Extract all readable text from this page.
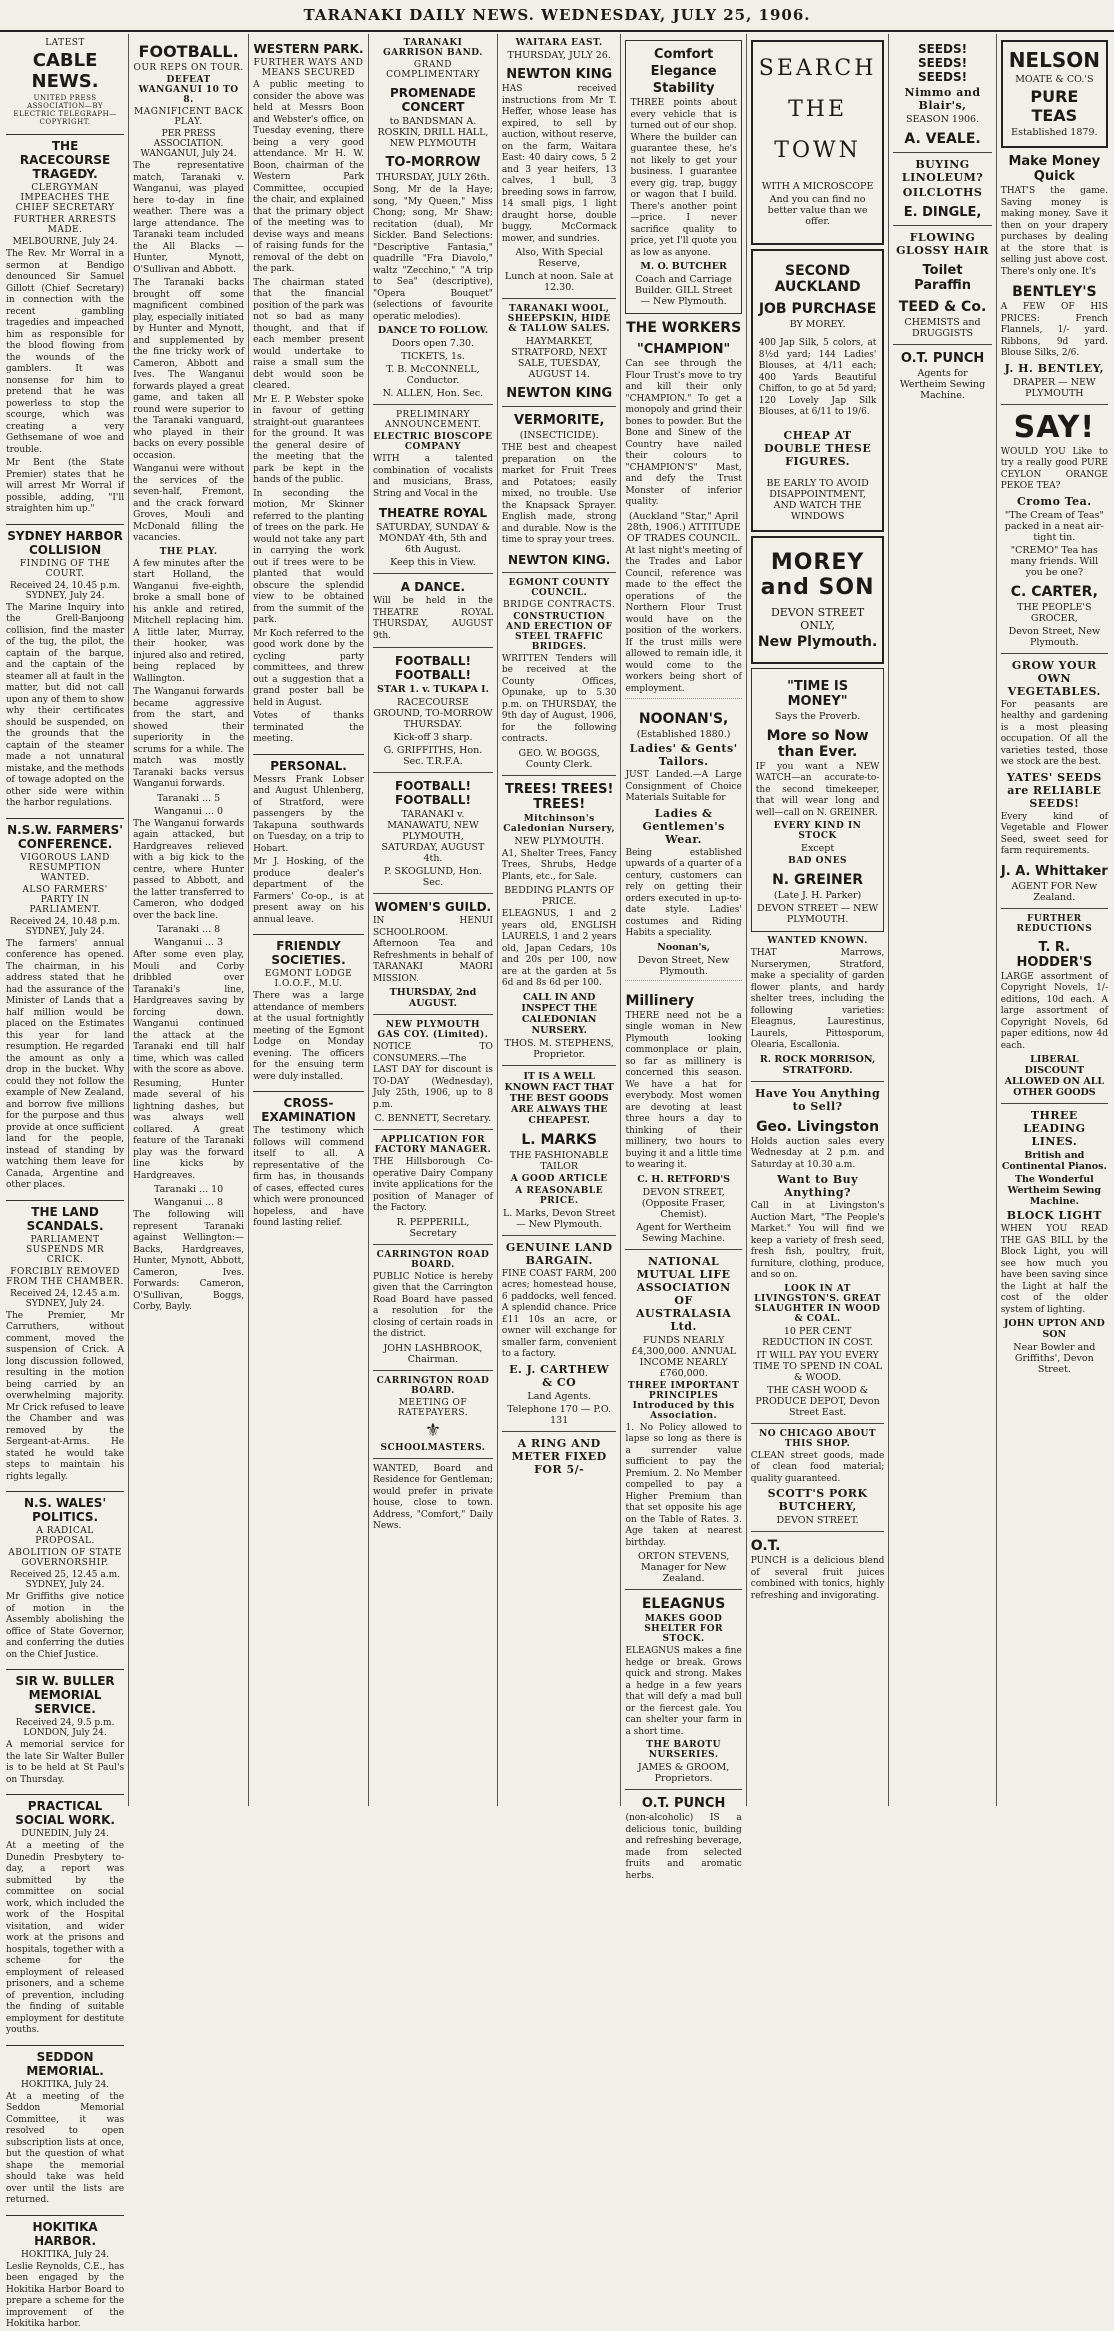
TARANAKI DAILY NEWS. WEDNESDAY, JULY 25, 1906.
LATEST
CABLE NEWS.
UNITED PRESS ASSOCIATION—BY ELECTRIC TELEGRAPH—COPYRIGHT.
THE RACECOURSE TRAGEDY.
CLERGYMAN IMPEACHES THE CHIEF SECRETARY
FURTHER ARRESTS MADE.
MELBOURNE, July 24.
The Rev. Mr Worral in a sermon at Bendigo denounced Sir Samuel Gillott (Chief Secretary) in connection with the recent gambling tragedies and impeached him as responsible for the blood flowing from the wounds of the gamblers. It was nonsense for him to pretend that he was powerless to stop the scourge, which was creating a very Gethsemane of woe and trouble.
Mr Bent (the State Premier) states that he will arrest Mr Worral if possible, adding, "I'll straighten him up."
SYDNEY HARBOR COLLISION
FINDING OF THE COURT.
Received 24, 10.45 p.m. SYDNEY, July 24.
The Marine Inquiry into the Grell-Banjoong collision, find the master of the tug, the pilot, the captain of the barque, and the captain of the steamer all at fault in the matter, but did not call upon any of them to show why their certificates should be suspended, on the grounds that the captain of the steamer made a not unnatural mistake, and the methods of towage adopted on the other side were within the harbor regulations.
N.S.W. FARMERS' CONFERENCE.
VIGOROUS LAND RESUMPTION WANTED.
ALSO FARMERS' PARTY IN PARLIAMENT.
Received 24, 10.48 p.m. SYDNEY, July 24.
The farmers' annual conference has opened. The chairman, in his address stated that he had the assurance of the Minister of Lands that a half million would be placed on the Estimates this year for land resumption. He regarded the amount as only a drop in the bucket. Why could they not follow the example of New Zealand, and borrow five millions for the purpose and thus provide at once sufficient land for the people, instead of standing by watching them leave for Canada, Argentine and other places.
THE LAND SCANDALS.
PARLIAMENT SUSPENDS MR CRICK.
FORCIBLY REMOVED FROM THE CHAMBER.
Received 24, 12.45 a.m. SYDNEY, July 24.
The Premier, Mr Carruthers, without comment, moved the suspension of Crick. A long discussion followed, resulting in the motion being carried by an overwhelming majority. Mr Crick refused to leave the Chamber and was removed by the Sergeant-at-Arms. He stated he would take steps to maintain his rights legally.
N.S. WALES' POLITICS.
A RADICAL PROPOSAL.
ABOLITION OF STATE GOVERNORSHIP.
Received 25, 12.45 a.m. SYDNEY, July 24.
Mr Griffiths give notice of motion in the Assembly abolishing the office of State Governor, and conferring the duties on the Chief Justice.
SIR W. BULLER MEMORIAL SERVICE.
Received 24, 9.5 p.m. LONDON, July 24.
A memorial service for the late Sir Walter Buller is to be held at St Paul's on Thursday.
PRACTICAL SOCIAL WORK.
DUNEDIN, July 24.
At a meeting of the Dunedin Presbytery to-day, a report was submitted by the committee on social work, which included the work of the Hospital visitation, and wider work at the prisons and hospitals, together with a scheme for the employment of released prisoners, and a scheme of prevention, including the finding of suitable employment for destitute youths.
SEDDON MEMORIAL.
HOKITIKA, July 24.
At a meeting of the Seddon Memorial Committee, it was resolved to open subscription lists at once, but the question of what shape the memorial should take was held over until the lists are returned.
HOKITIKA HARBOR.
HOKITIKA, July 24.
Leslie Reynolds, C.E., has been engaged by the Hokitika Harbor Board to prepare a scheme for the improvement of the Hokitika harbor.
FOOTBALL.
OUR REPS ON TOUR.
DEFEAT WANGANUI 10 TO 8.
MAGNIFICENT BACK PLAY.
PER PRESS ASSOCIATION. WANGANUI, July 24.
The representative match, Taranaki v. Wanganui, was played here to-day in fine weather. There was a large attendance. The Taranaki team included the All Blacks — Hunter, Mynott, O'Sullivan and Abbott.
The Taranaki backs brought off some magnificent combined play, especially initiated by Hunter and Mynott, and supplemented by the fine tricky work of Cameron, Abbott and Ives. The Wanganui forwards played a great game, and taken all round were superior to the Taranaki vanguard, who played in their backs on every possible occasion.
Wanganui were without the services of the seven-half, Fremont, and the crack forward Groves, Mouli and McDonald filling the vacancies.
THE PLAY.
A few minutes after the start Holland, the Wanganui five-eighth, broke a small bone of his ankle and retired, Mitchell replacing him. A little later, Murray, their hooker, was injured also and retired, being replaced by Wallington.
The Wanganui forwards became aggressive from the start, and showed their superiority in the scrums for a while. The match was mostly Taranaki backs versus Wanganui forwards.
Taranaki ... 5
Wanganui ... 0
The Wanganui forwards again attacked, but Hardgreaves relieved with a big kick to the centre, where Hunter passed to Abbott, and the latter transferred to Cameron, who dodged over the back line.
Taranaki ... 8
Wanganui ... 3
After some even play, Mouli and Corby dribbled over Taranaki's line, Hardgreaves saving by forcing down. Wanganui continued the attack at the Taranaki end till half time, which was called with the score as above.
Resuming, Hunter made several of his lightning dashes, but was always well collared. A great feature of the Taranaki play was the forward line kicks by Hardgreaves.
Taranaki ... 10
Wanganui ... 8
The following will represent Taranaki against Wellington:— Backs, Hardgreaves, Hunter, Mynott, Abbott, Cameron, Ives. Forwards: Cameron, O'Sullivan, Boggs, Corby, Bayly.
WESTERN PARK.
FURTHER WAYS AND MEANS SECURED
A public meeting to consider the above was held at Messrs Boon and Webster's office, on Tuesday evening, there being a very good attendance. Mr H. W. Boon, chairman of the Western Park Committee, occupied the chair, and explained that the primary object of the meeting was to devise ways and means of raising funds for the removal of the debt on the park.
The chairman stated that the financial position of the park was not so bad as many thought, and that if each member present would undertake to raise a small sum the debt would soon be cleared.
Mr E. P. Webster spoke in favour of getting straight-out guarantees for the ground. It was the general desire of the meeting that the park be kept in the hands of the public.
In seconding the motion, Mr Skinner referred to the planting of trees on the park. He would not take any part in carrying the work out if trees were to be planted that would obscure the splendid view to be obtained from the summit of the park.
Mr Koch referred to the good work done by the cycling party committees, and threw out a suggestion that a grand poster ball be held in August.
Votes of thanks terminated the meeting.
PERSONAL.
Messrs Frank Lobser and August Uhlenberg, of Stratford, were passengers by the Takapuna southwards on Tuesday, on a trip to Hobart.
Mr J. Hosking, of the produce dealer's department of the Farmers' Co-op., is at present away on his annual leave.
FRIENDLY SOCIETIES.
EGMONT LODGE I.O.O.F., M.U.
There was a large attendance of members at the usual fortnightly meeting of the Egmont Lodge on Monday evening. The officers for the ensuing term were duly installed.
CROSS-EXAMINATION
The testimony which follows will commend itself to all. A representative of the firm has, in thousands of cases, effected cures which were pronounced hopeless, and have found lasting relief.
TARANAKI GARRISON BAND.
GRAND COMPLIMENTARY
PROMENADE CONCERT
to BANDSMAN A. ROSKIN, DRILL HALL, NEW PLYMOUTH
TO-MORROW
THURSDAY, JULY 26th.
Song, Mr de la Haye; song, "My Queen," Miss Chong; song, Mr Shaw; recitation (dual), Mr Sickler. Band Selections: "Descriptive Fantasia," quadrille "Fra Diavolo," waltz "Zecchino," "A trip to Sea" (descriptive), "Opera Bouquet" (selections of favourite operatic melodies).
DANCE TO FOLLOW.
Doors open 7.30.
TICKETS, 1s.
T. B. McCONNELL, Conductor.
N. ALLEN, Hon. Sec.
PRELIMINARY ANNOUNCEMENT.
ELECTRIC BIOSCOPE COMPANY
WITH a talented combination of vocalists and musicians, Brass, String and Vocal in the
THEATRE ROYAL
SATURDAY, SUNDAY & MONDAY 4th, 5th and 6th August.
Keep this in View.
A DANCE.
Will be held in the THEATRE ROYAL THURSDAY, AUGUST 9th.
FOOTBALL! FOOTBALL!
STAR 1. v. TUKAPA I.
RACECOURSE GROUND, TO-MORROW THURSDAY.
Kick-off 3 sharp.
G. GRIFFITHS, Hon. Sec. T.R.F.A.
FOOTBALL! FOOTBALL!
TARANAKI v. MANAWATU, NEW PLYMOUTH, SATURDAY, AUGUST 4th.
P. SKOGLUND, Hon. Sec.
WOMEN'S GUILD.
IN HENUI SCHOOLROOM. Afternoon Tea and Refreshments in behalf of TARANAKI MAORI MISSION.
THURSDAY, 2nd AUGUST.
NEW PLYMOUTH GAS COY. (Limited).
NOTICE TO CONSUMERS.—The LAST DAY for discount is TO-DAY (Wednesday), July 25th, 1906, up to 8 p.m.
C. BENNETT, Secretary.
APPLICATION FOR FACTORY MANAGER.
THE Hillsborough Co-operative Dairy Company invite applications for the position of Manager of the Factory.
R. PEPPERILL, Secretary
CARRINGTON ROAD BOARD.
PUBLIC Notice is hereby given that the Carrington Road Board have passed a resolution for the closing of certain roads in the district.
JOHN LASHBROOK, Chairman.
CARRINGTON ROAD BOARD.
MEETING OF RATEPAYERS.
⚜
SCHOOLMASTERS.
WANTED, Board and Residence for Gentleman; would prefer in private house, close to town. Address, "Comfort," Daily News.
WAITARA EAST.
THURSDAY, JULY 26.
NEWTON KING
HAS received instructions from Mr T. Heffer, whose lease has expired, to sell by auction, without reserve, on the farm, Waitara East: 40 dairy cows, 5 2 and 3 year heifers, 13 calves, 1 bull, 3 breeding sows in farrow, 14 small pigs, 1 light draught horse, double buggy, McCormack mower, and sundries.
Also, With Special Reserve,
Lunch at noon. Sale at 12.30.
TARANAKI WOOL, SHEEPSKIN, HIDE & TALLOW SALES.
HAYMARKET, STRATFORD, NEXT SALE, TUESDAY, AUGUST 14.
NEWTON KING
VERMORITE,
(INSECTICIDE).
THE best and cheapest preparation on the market for Fruit Trees and Potatoes; easily mixed, no trouble. Use the Knapsack Sprayer. English made, strong and durable. Now is the time to spray your trees.
NEWTON KING.
EGMONT COUNTY COUNCIL.
BRIDGE CONTRACTS.
CONSTRUCTION AND ERECTION OF STEEL TRAFFIC BRIDGES.
WRITTEN Tenders will be received at the County Offices, Opunake, up to 5.30 p.m. on THURSDAY, the 9th day of August, 1906, for the following contracts.
GEO. W. BOGGS, County Clerk.
TREES! TREES! TREES!
Mitchinson's Caledonian Nursery,
NEW PLYMOUTH.
A1, Shelter Trees, Fancy Trees, Shrubs, Hedge Plants, etc., for Sale.
BEDDING PLANTS OF PRICE.
ELEAGNUS, 1 and 2 years old, ENGLISH LAURELS, 1 and 2 years old, Japan Cedars, 10s and 20s per 100, now are at the garden at 5s 6d and 8s 6d per 100.
CALL IN AND INSPECT THE CALEDONIAN NURSERY.
THOS. M. STEPHENS, Proprietor.
IT IS A WELL KNOWN FACT THAT THE BEST GOODS ARE ALWAYS THE CHEAPEST.
L. MARKS
THE FASHIONABLE TAILOR
A GOOD ARTICLE
A REASONABLE PRICE.
L. Marks, Devon Street — New Plymouth.
GENUINE LAND BARGAIN.
FINE COAST FARM, 200 acres; homestead house, 6 paddocks, well fenced. A splendid chance. Price £11 10s an acre, or owner will exchange for smaller farm, convenient to a factory.
E. J. CARTHEW & CO
Land Agents.
Telephone 170 — P.O. 131
A RING AND METER FIXED FOR 5/-
Comfort
Elegance
Stability
THREE points about every vehicle that is turned out of our shop. Where the builder can guarantee these, he's not likely to get your business. I guarantee every gig, trap, buggy or wagon that I build. There's another point—price. I never sacrifice quality to price, yet I'll quote you as low as anyone.
M. O. BUTCHER
Coach and Carriage Builder. GILL Street — New Plymouth.
THE WORKERS
"CHAMPION"
Can see through the Flour Trust's move to try and kill their only "CHAMPION." To get a monopoly and grind their bones to powder. But the Bone and Sinew of the Country have nailed their colours to "CHAMPION'S" Mast, and defy the Trust Monster of inferior quality.
(Auckland "Star," April 28th, 1906.) ATTITUDE OF TRADES COUNCIL.
At last night's meeting of the Trades and Labor Council, reference was made to the effect the operations of the Northern Flour Trust would have on the position of the workers. If the trust mills were allowed to remain idle, it would come to the workers being short of employment.
NOONAN'S,
(Established 1880.)
Ladies' & Gents' Tailors.
JUST Landed.—A Large Consignment of Choice Materials Suitable for
Ladies & Gentlemen's Wear.
Being established upwards of a quarter of a century, customers can rely on getting their orders executed in up-to-date style. Ladies' costumes and Riding Habits a speciality.
Noonan's,
Devon Street, New Plymouth.
Millinery
THERE need not be a single woman in New Plymouth looking commonplace or plain, so far as millinery is concerned this season. We have a hat for everybody. Most women are devoting at least three hours a day to thinking of their millinery, two hours to buying it and a little time to wearing it.
C. H. RETFORD'S
DEVON STREET, (Opposite Fraser, Chemist).
Agent for Wertheim Sewing Machine.
NATIONAL MUTUAL LIFE ASSOCIATION OF AUSTRALASIA Ltd.
FUNDS NEARLY £4,300,000. ANNUAL INCOME NEARLY £760,000.
THREE IMPORTANT PRINCIPLES Introduced by this Association.
1. No Policy allowed to lapse so long as there is a surrender value sufficient to pay the Premium. 2. No Member compelled to pay a Higher Premium than that set opposite his age on the Table of Rates. 3. Age taken at nearest birthday.
ORTON STEVENS, Manager for New Zealand.
ELEAGNUS
MAKES GOOD SHELTER FOR STOCK.
ELEAGNUS makes a fine hedge or break. Grows quick and strong. Makes a hedge in a few years that will defy a mad bull or the fiercest gale. You can shelter your farm in a short time.
THE BAROTU NURSERIES.
JAMES & GROOM, Proprietors.
O.T. PUNCH
(non-alcoholic) IS a delicious tonic, building and refreshing beverage, made from selected fruits and aromatic herbs.
SEARCH
THE
TOWN
WITH A MICROSCOPE
And you can find no better value than we offer.
SECOND AUCKLAND
JOB PURCHASE
BY MOREY.
400 Jap Silk, 5 colors, at 8½d yard; 144 Ladies' Blouses, at 4/11 each; 400 Yards Beautiful Chiffon, to go at 5d yard; 120 Lovely Jap Silk Blouses, at 6/11 to 19/6.
CHEAP AT DOUBLE THESE FIGURES.
BE EARLY TO AVOID DISAPPOINTMENT, AND WATCH THE WINDOWS
MOREY and SON
DEVON STREET ONLY,
New Plymouth.
"TIME IS MONEY"
Says the Proverb.
More so Now than Ever.
IF you want a NEW WATCH—an accurate-to-the second timekeeper, that will wear long and well—call on N. GREINER.
EVERY KIND IN STOCK
Except
BAD ONES
N. GREINER
(Late J. H. Parker)
DEVON STREET — NEW PLYMOUTH.
WANTED KNOWN.
THAT Marrows, Nurserymen, Stratford, make a speciality of garden flower plants, and hardy shelter trees, including the following varieties: Eleagnus, Laurestinus, Laurels, Pittosporum, Olearia, Escallonia.
R. ROCK MORRISON, STRATFORD.
Have You Anything to Sell?
Geo. Livingston
Holds auction sales every Wednesday at 2 p.m. and Saturday at 10.30 a.m.
Want to Buy Anything?
Call in at Livingston's Auction Mart, "The People's Market." You will find we keep a variety of fresh seed, fresh fish, poultry, fruit, furniture, clothing, produce, and so on.
LOOK IN AT LIVINGSTON'S. GREAT SLAUGHTER IN WOOD & COAL.
10 PER CENT REDUCTION IN COST.
IT WILL PAY YOU EVERY TIME TO SPEND IN COAL & WOOD.
THE CASH WOOD & PRODUCE DEPOT, Devon Street East.
NO CHICAGO ABOUT THIS SHOP.
CLEAN street goods, made of clean food material; quality guaranteed.
SCOTT'S PORK BUTCHERY,
DEVON STREET.
O.T.
PUNCH is a delicious blend of several fruit juices combined with tonics, highly refreshing and invigorating.
SEEDS! SEEDS! SEEDS!
Nimmo and Blair's,
SEASON 1906.
A. VEALE.
BUYING LINOLEUM?
OILCLOTHS
E. DINGLE,
FLOWING GLOSSY HAIR
Toilet Paraffin
TEED & Co.
CHEMISTS and DRUGGISTS
O.T. PUNCH
Agents for Wertheim Sewing Machine.
NELSON
MOATE & CO.'S
PURE TEAS
Established 1879.
Make Money Quick
THAT'S the game. Saving money is making money. Save it then on your drapery purchases by dealing at the store that is selling just above cost. There's only one. It's
BENTLEY'S
A FEW OF HIS PRICES: French Flannels, 1/- yard. Ribbons, 9d yard. Blouse Silks, 2/6.
J. H. BENTLEY,
DRAPER — NEW PLYMOUTH
SAY!
WOULD YOU Like to try a really good PURE CEYLON ORANGE PEKOE TEA?
Cromo Tea.
"The Cream of Teas" packed in a neat air-tight tin.
"CREMO" Tea has many friends. Will you be one?
C. CARTER,
THE PEOPLE'S GROCER,
Devon Street, New Plymouth.
GROW YOUR OWN VEGETABLES.
For peasants are healthy and gardening is a most pleasing occupation. Of all the varieties tested, those we stock are the best.
YATES' SEEDS are RELIABLE SEEDS!
Every kind of Vegetable and Flower Seed, sweet seed for farm requirements.
J. A. Whittaker
AGENT FOR New Zealand.
FURTHER REDUCTIONS
T. R. HODDER'S
LARGE assortment of Copyright Novels, 1/- editions, 10d each. A large assortment of Copyright Novels, 6d paper editions, now 4d each.
LIBERAL DISCOUNT ALLOWED ON ALL OTHER GOODS
THREE LEADING LINES.
British and Continental Pianos.
The Wonderful Wertheim Sewing Machine.
BLOCK LIGHT
WHEN YOU READ THE GAS BILL by the Block Light, you will see how much you have been saving since the Light at half the cost of the older system of lighting.
JOHN UPTON AND SON
Near Bowler and Griffiths', Devon Street.
